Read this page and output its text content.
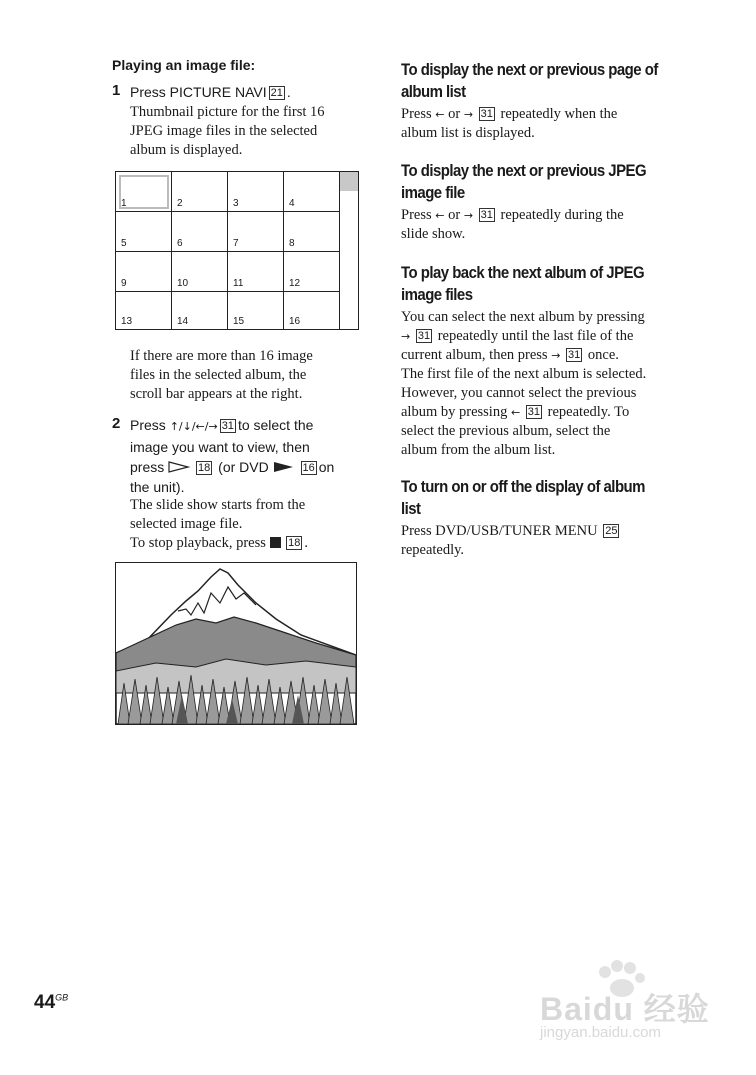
Playing an image file:
1 Press PICTURE NAVI 21 .
Thumbnail picture for the first 16
JPEG image files in the selected
album is displayed.
1	2	3	4
5	6	7	8
9	10	11	12
13	14	15	16
If there are more than 16 image
files in the selected album, the
scroll bar appears at the right.
2 Press ↑/↓/←/→ 31 to select the
image you want to view, then
press	18 (or DVD	16 on
the unit).
The slide show starts from the
selected image file.
To stop playback, press 18 .
To display the next or previous page of
album list
Press ← or → 31 repeatedly when the
album list is displayed.
To display the next or previous JPEG
image file
Press ← or → 31 repeatedly during the
slide show.
To play back the next album of JPEG
image files
You can select the next album by pressing
→ 31 repeatedly until the last file of the
current album, then press → 31 once.
The first file of the next album is selected.
However, you cannot select the previous
album by pressing ← 31 repeatedly. To
select the previous album, select the
album from the album list.
To turn on or off the display of album
list
Press DVD/USB/TUNER MENU 25
repeatedly.
$44^{GB}$	Baidu 经验
jingyan.baidu.com
